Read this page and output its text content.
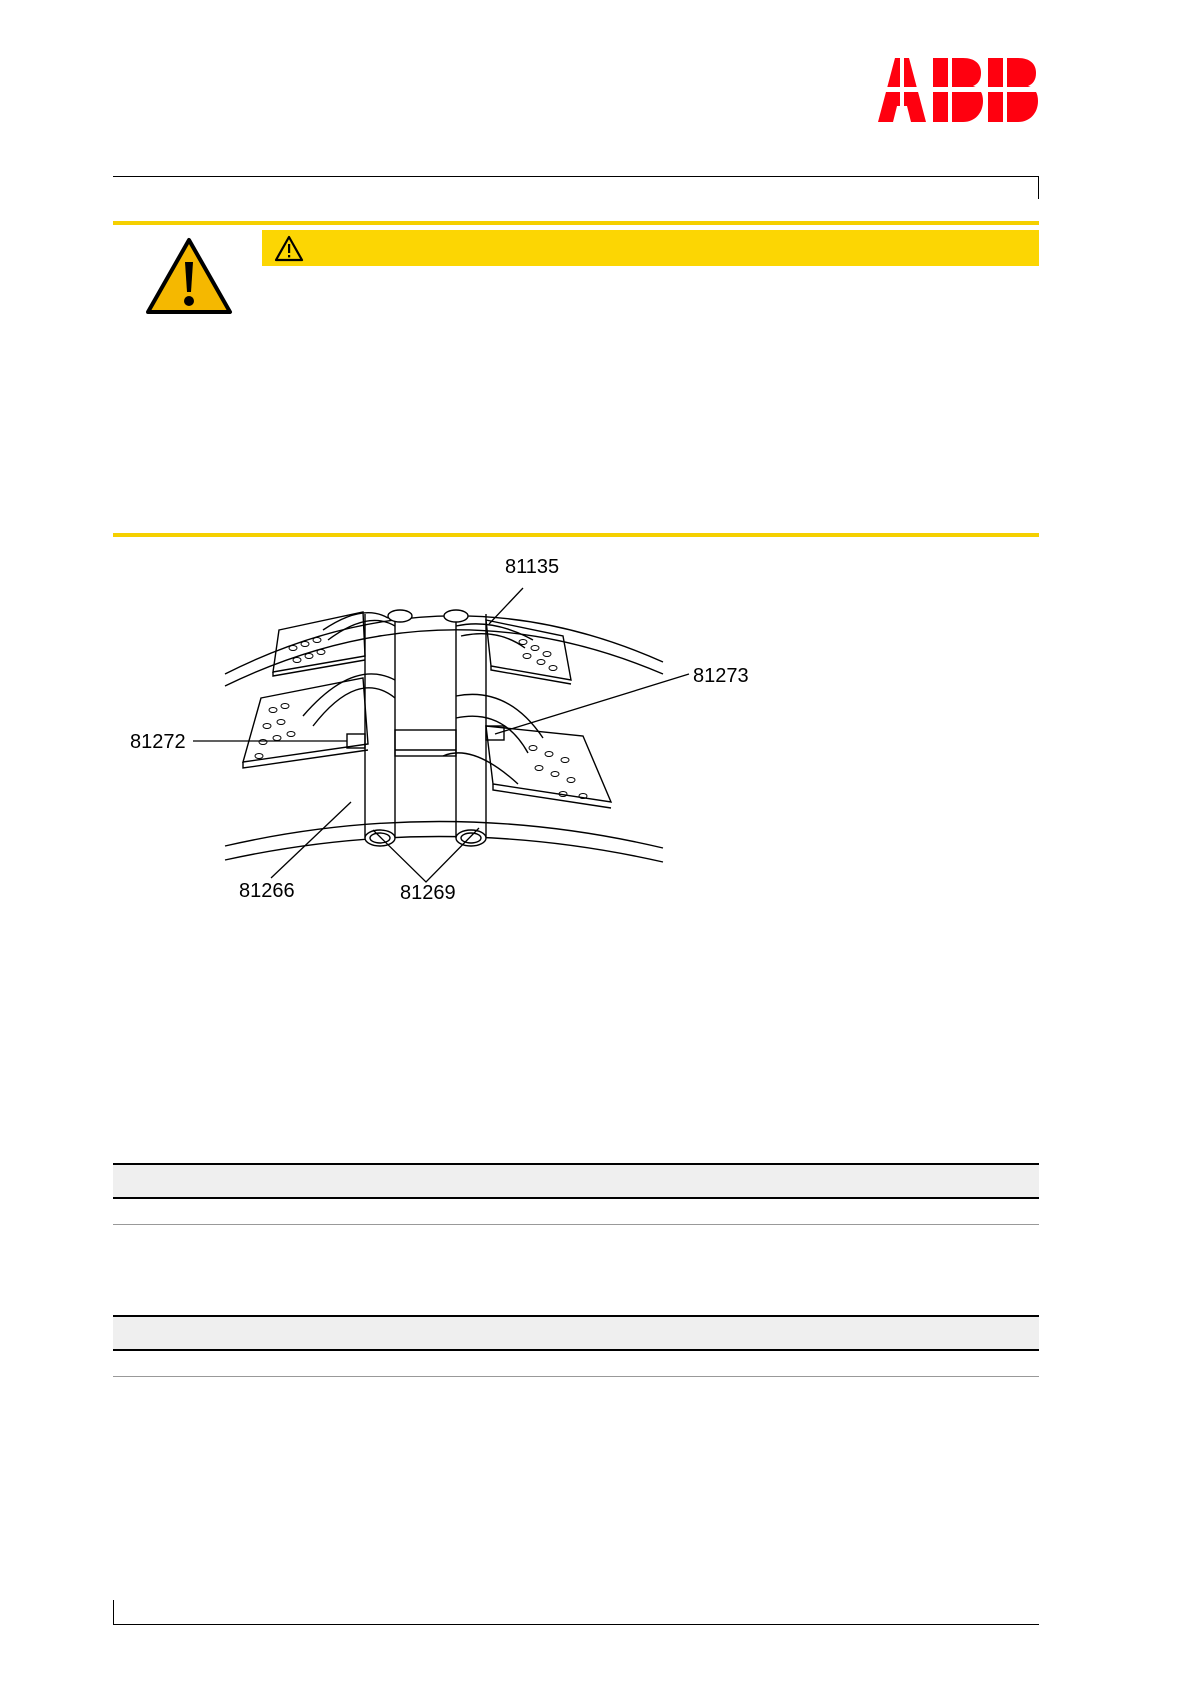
81135
81273
81272
81266	81269
